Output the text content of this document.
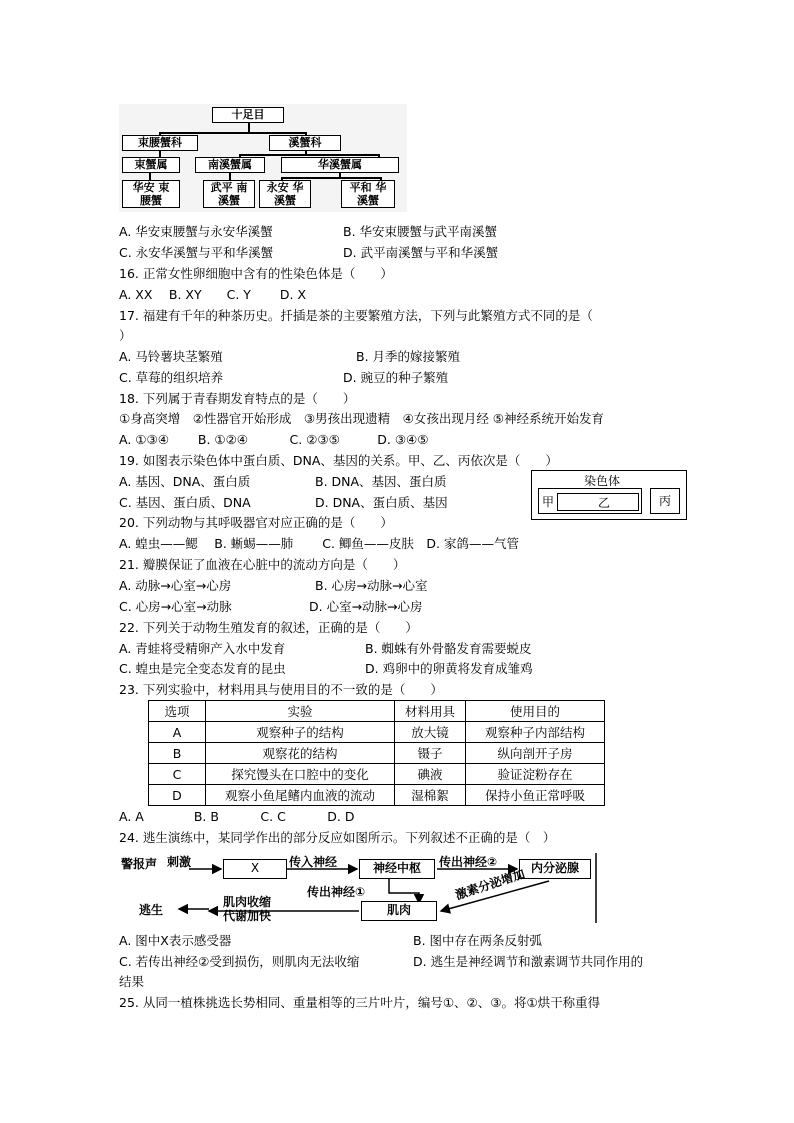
十足目
束腰蟹科	溪蟹科
束蟹属	南溪蟹属	华溪蟹属
华安 束腰蟹
武平 南溪蟹
永安 华溪蟹
平和 华溪蟹
A. 华安束腰蟹与永安华溪蟹	B. 华安束腰蟹与武平南溪蟹
C. 永安华溪蟹与平和华溪蟹	D. 武平南溪蟹与平和华溪蟹
16. 正常女性卵细胞中含有的性染色体是（　　）
A. XX　 B. XY　　C. Y　　 D. X
17. 福建有千年的种茶历史。扦插是茶的主要繁殖方法，下列与此繁殖方式不同的是（
）
A. 马铃薯块茎繁殖	B. 月季的嫁接繁殖
C. 草莓的组织培养	D. 豌豆的种子繁殖
18. 下列属于青春期发育特点的是（　　）
①身高突增　②性器官开始形成　③男孩出现遗精　④女孩出现月经 ⑤神经系统开始发育
A. ①③④　　 B. ①②④　　　 C. ②③⑤　　　D. ③④⑤
19. 如图表示染色体中蛋白质、DNA、基因的关系。甲、乙、丙依次是（　　）
A. 基因、DNA、蛋白质	B. DNA、基因、蛋白质
C. 基因、蛋白质、DNA	D. DNA、蛋白质、基因
染色体
甲	乙	丙
20. 下列动物与其呼吸器官对应正确的是（　　）
A. 蝗虫——鳃　 B. 蜥蜴——肺　　 C. 鲫鱼——皮肤　D. 家鸽——气管
21. 瓣膜保证了血液在心脏中的流动方向是（　　）
A. 动脉→心室→心房	B. 心房→动脉→心室
C. 心房→心室→动脉	D. 心室→动脉→心房
22. 下列关于动物生殖发育的叙述，正确的是（　　）
A. 青蛙将受精卵产入水中发育	B. 蜘蛛有外骨骼发育需要蜕皮
C. 蝗虫是完全变态发育的昆虫	D. 鸡卵中的卵黄将发育成雏鸡
23. 下列实验中，材料用具与使用目的不一致的是（　　）
选项	实验	材料用具	使用目的
A	观察种子的结构	放大镜	观察种子内部结构
B	观察花的结构	镊子	纵向剖开子房
C	探究馒头在口腔中的变化	碘液	验证淀粉存在
D	观察小鱼尾鳍内血液的流动	湿棉絮	保持小鱼正常呼吸
A. A　　　　B. B　　　 C. C　　　 D. D
24. 逃生演练中，某同学作出的部分反应如图所示。下列叙述不正确的是（　）
警报声 刺激	X	传入神经	神经中枢	传出神经②	内分泌腺
传出神经①
肌肉
激素分泌增加
肌肉收缩
代谢加快
逃生
A. 图中X表示感受器	B. 图中存在两条反射弧
C. 若传出神经②受到损伤，则肌肉无法收缩	D. 逃生是神经调节和激素调节共同作用的
结果
25. 从同一植株挑选长势相同、重量相等的三片叶片，编号①、②、③。将①烘干称重得
